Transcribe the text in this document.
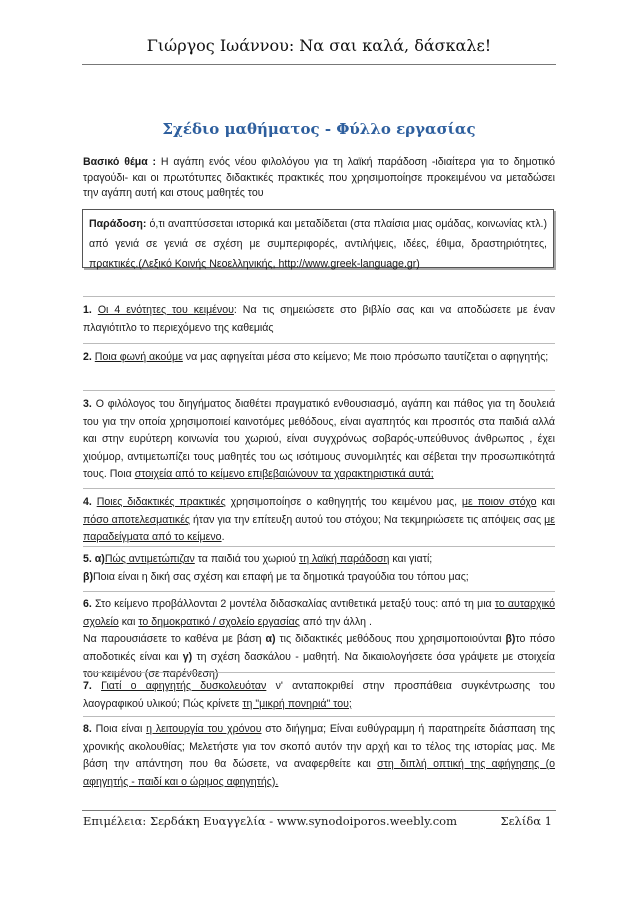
Γιώργος Ιωάννου: Να σαι καλά, δάσκαλε!
Σχέδιο μαθήματος - Φύλλο εργασίας
Βασικό θέμα : Η αγάπη ενός νέου φιλολόγου για τη λαϊκή παράδοση -ιδιαίτερα για το δημοτικό τραγούδι- και οι πρωτότυπες διδακτικές πρακτικές που χρησιμοποίησε προκειμένου να μεταδώσει την αγάπη αυτή και στους μαθητές του
Παράδοση: ό,τι αναπτύσσεται ιστορικά και μεταδίδεται (στα πλαίσια μιας ομάδας, κοινωνίας κτλ.) από γενιά σε γενιά σε σχέση με συμπεριφορές, αντιλήψεις, ιδέες, έθιμα, δραστηριότητες, πρακτικές.(Λεξικό Κοινής Νεοελληνικής, http://www.greek-language.gr)
1. Οι 4 ενότητες του κειμένου: Να τις σημειώσετε στο βιβλίο σας και να αποδώσετε με έναν πλαγιότιτλο το περιεχόμενο της καθεμιάς
2. Ποια φωνή ακούμε να μας αφηγείται μέσα στο κείμενο; Με ποιο πρόσωπο ταυτίζεται ο αφηγητής;
3. Ο φιλόλογος του διηγήματος διαθέτει πραγματικό ενθουσιασμό, αγάπη και πάθος για τη δουλειά του για την οποία χρησιμοποιεί καινοτόμες μεθόδους, είναι αγαπητός και προσιτός στα παιδιά αλλά και στην ευρύτερη κοινωνία του χωριού, είναι συγχρόνως σοβαρός-υπεύθυνος άνθρωπος , έχει χιούμορ, αντιμετωπίζει τους μαθητές του ως ισότιμους συνομιλητές και σέβεται την προσωπικότητά τους. Ποια στοιχεία από το κείμενο επιβεβαιώνουν τα χαρακτηριστικά αυτά;
4. Ποιες διδακτικές πρακτικές χρησιμοποίησε ο καθηγητής του κειμένου μας, με ποιον στόχο και πόσο αποτελεσματικές ήταν για την επίτευξη αυτού του στόχου; Να τεκμηριώσετε τις απόψεις σας με παραδείγματα από το κείμενο.
5. α)Πώς αντιμετώπιζαν τα παιδιά του χωριού τη λαϊκή παράδοση και γιατί;
β)Ποια είναι η δική σας σχέση και επαφή με τα δημοτικά τραγούδια του τόπου μας;
6. Στο κείμενο προβάλλονται 2 μοντέλα διδασκαλίας αντιθετικά μεταξύ τους: από τη μια το αυταρχικό σχολείο και το δημοκρατικό / σχολείο εργασίας από την άλλη .
Να παρουσιάσετε το καθένα με βάση α) τις διδακτικές μεθόδους που χρησιμοποιούνται β)το πόσο αποδοτικές είναι και γ) τη σχέση δασκάλου - μαθητή. Να δικαιολογήσετε όσα γράψετε με στοιχεία του κειμένου (σε παρένθεση)
7. Γιατί ο αφηγητής δυσκολευόταν ν' ανταποκριθεί στην προσπάθεια συγκέντρωσης του λαογραφικού υλικού; Πώς κρίνετε τη "μικρή πονηριά" του;
8. Ποια είναι η λειτουργία του χρόνου στο διήγημα; Είναι ευθύγραμμη ή παρατηρείτε διάσπαση της χρονικής ακολουθίας; Μελετήστε για τον σκοπό αυτόν την αρχή και το τέλος της ιστορίας μας. Με βάση την απάντηση που θα δώσετε, να αναφερθείτε και στη διπλή οπτική της αφήγησης (ο αφηγητής - παιδί και ο ώριμος αφηγητής).
Επιμέλεια: Σερδάκη Ευαγγελία - www.synodoiporos.weebly.com	Σελίδα 1
